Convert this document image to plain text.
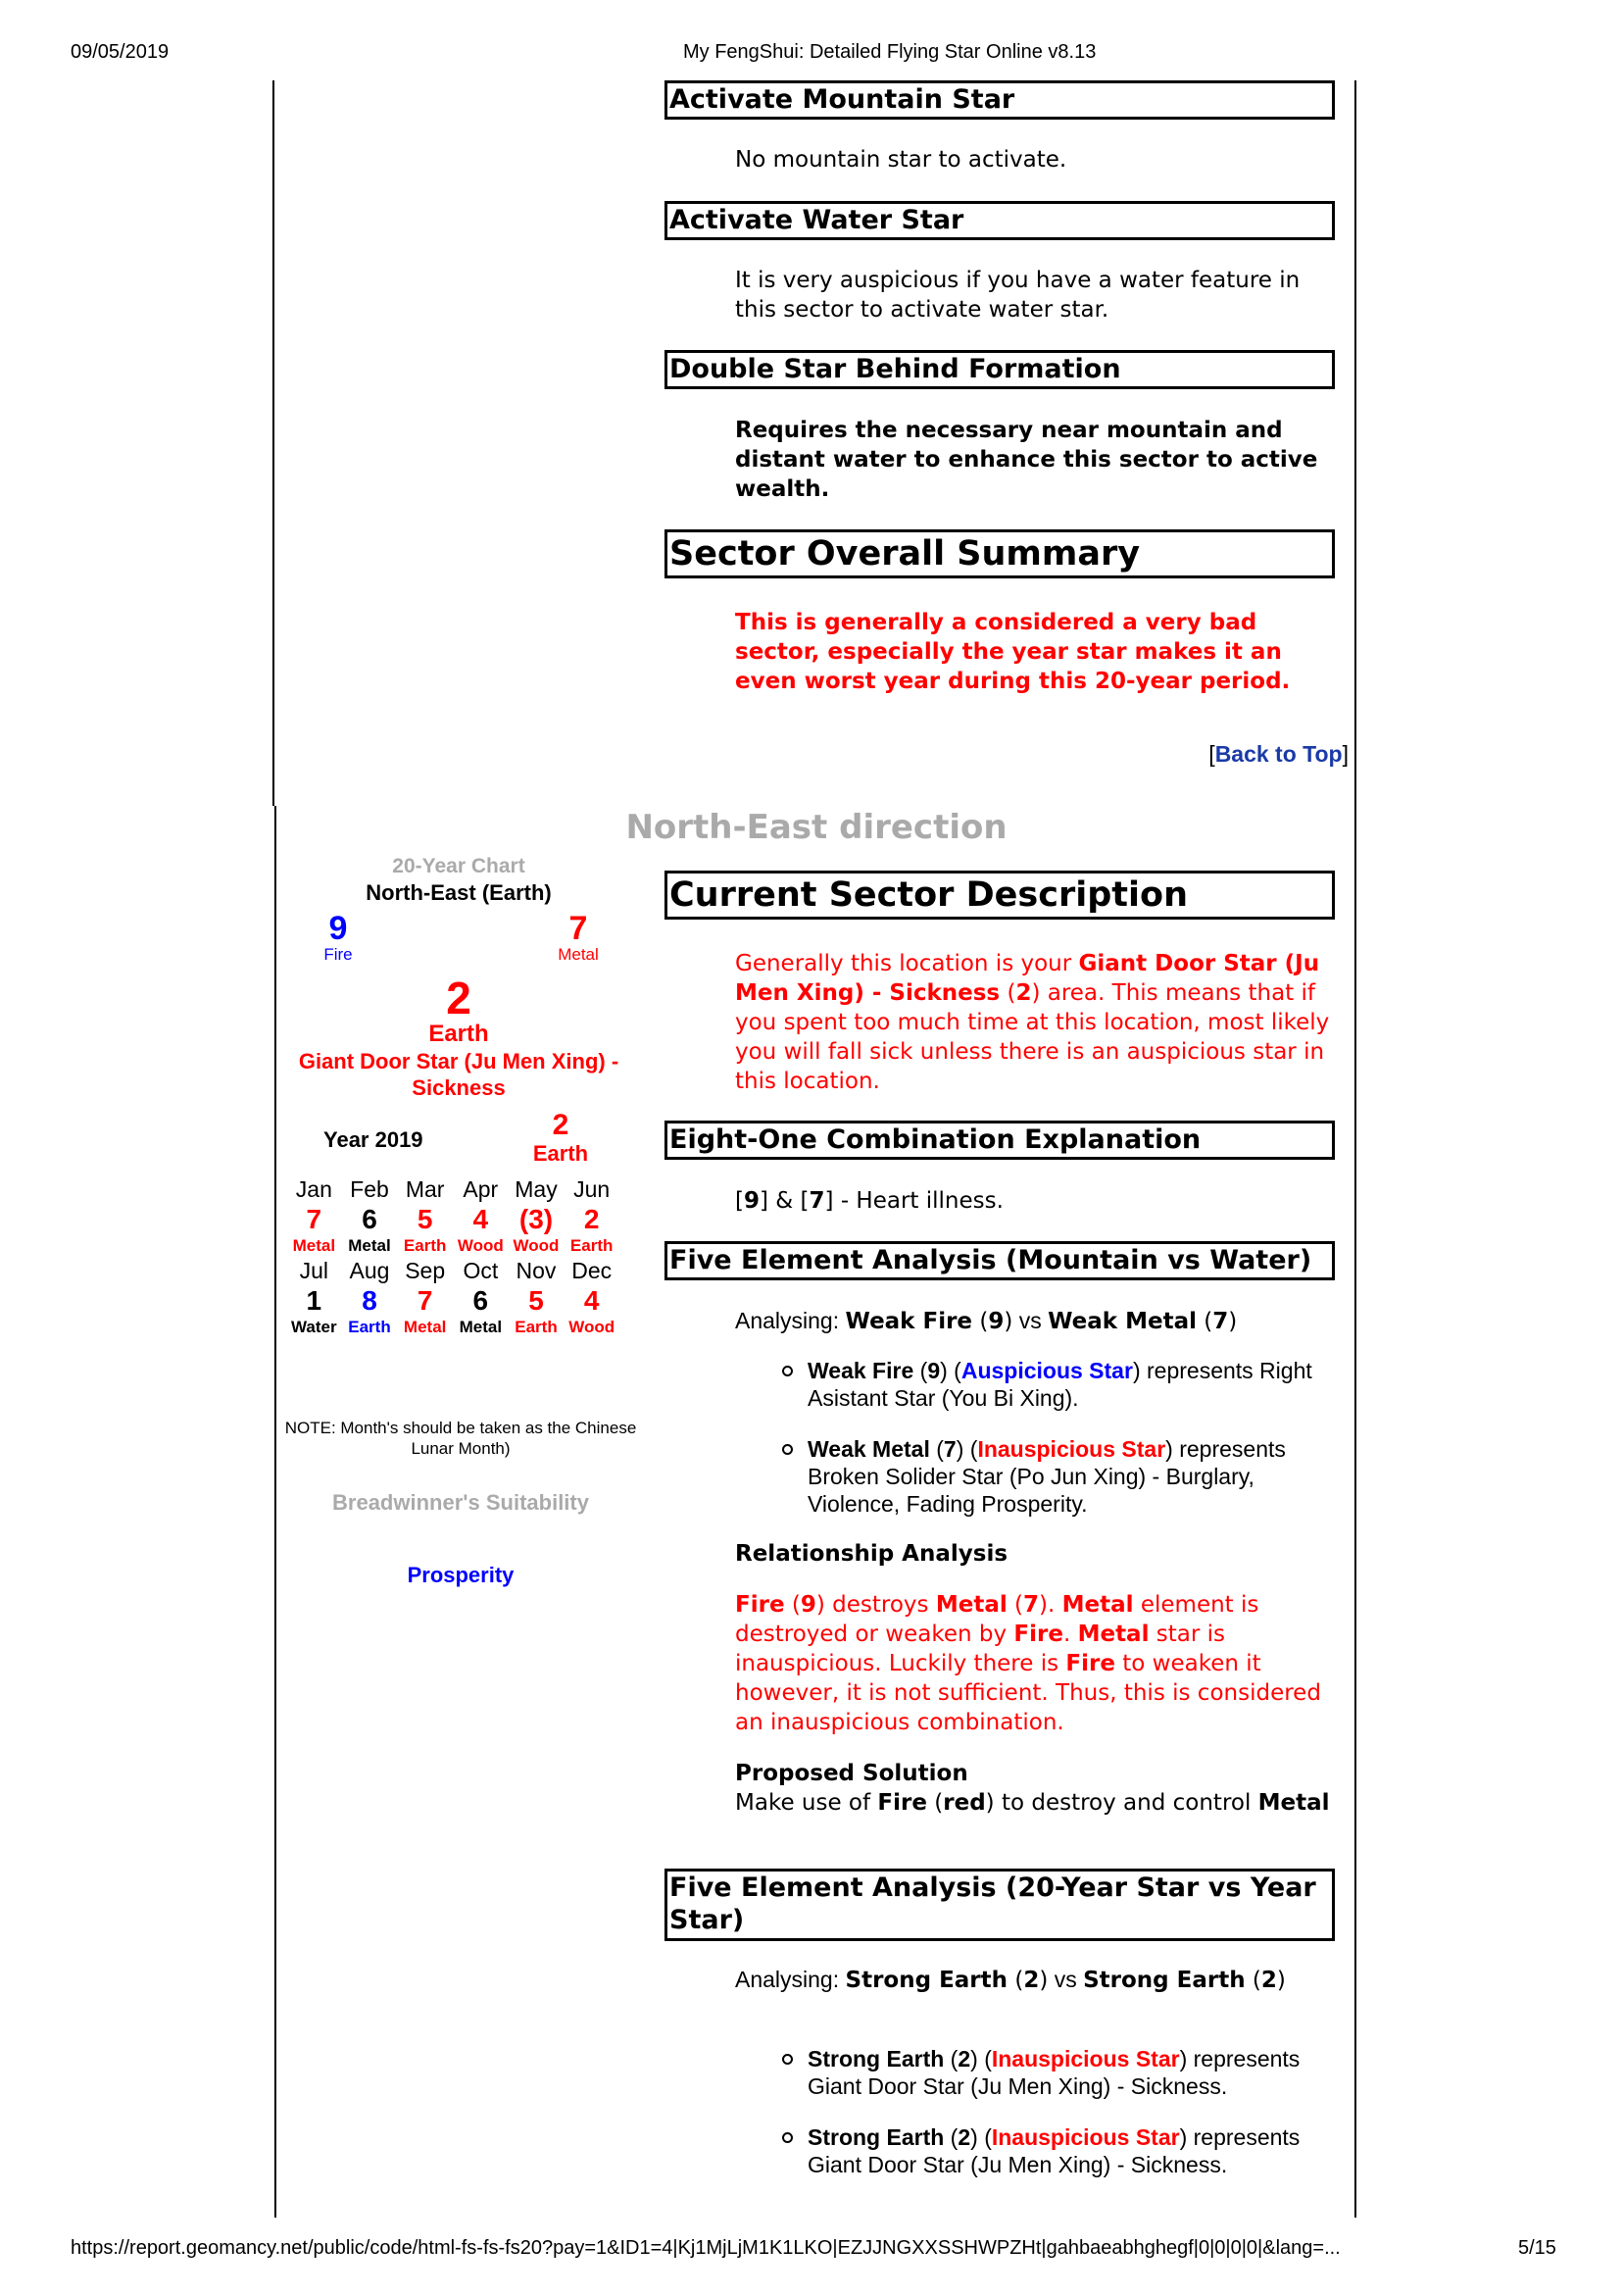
09/05/2019	My FengShui: Detailed Flying Star Online v8.13
https://report.geomancy.net/public/code/html-fs-fs-fs20?pay=1&ID1=4|Kj1MjLjM1K1LKO|EZJJNGXXSSHWPZHt|gahbaeabhghegf|0|0|0|0|&lang=...	5/15
Activate Mountain Star
No mountain star to activate.
Activate Water Star
It is very auspicious if you have a water feature in this sector to activate water star.
Double Star Behind Formation
Requires the necessary near mountain and distant water to enhance this sector to active wealth.
Sector Overall Summary
This is generally a considered a very bad sector, especially the year star makes it an even worst year during this 20-year period.
[Back to Top]
North-East direction
20-Year Chart
North-East (Earth)
9
Fire
7
Metal
2
Earth
Giant Door Star (Ju Men Xing) - Sickness
Year 2019	2
Earth
Jan Feb Mar Apr May Jun
7	6	5	4	(3)	2
Metal Metal Earth Wood Wood Earth
Jul Aug Sep Oct Nov Dec
1	8	7	6	5	4
Water Earth Metal Metal Earth Wood
NOTE: Month's should be taken as the Chinese Lunar Month)
Breadwinner's Suitability
Prosperity
Current Sector Description
Generally this location is your Giant Door Star (Ju Men Xing) - Sickness (2) area. This means that if you spent too much time at this location, most likely you will fall sick unless there is an auspicious star in this location.
Eight-One Combination Explanation
[9] & [7] - Heart illness.
Five Element Analysis (Mountain vs Water)
Analysing: Weak Fire (9) vs Weak Metal (7)
Weak Fire (9) (Auspicious Star) represents Right Asistant Star (You Bi Xing).
Weak Metal (7) (Inauspicious Star) represents Broken Solider Star (Po Jun Xing) - Burglary, Violence, Fading Prosperity.
Relationship Analysis
Fire (9) destroys Metal (7). Metal element is destroyed or weaken by Fire. Metal star is inauspicious. Luckily there is Fire to weaken it however, it is not sufficient. Thus, this is considered an inauspicious combination.
Proposed Solution
Make use of Fire (red) to destroy and control Metal
Five Element Analysis (20-Year Star vs Year Star)
Analysing: Strong Earth (2) vs Strong Earth (2)
Strong Earth (2) (Inauspicious Star) represents Giant Door Star (Ju Men Xing) - Sickness.
Strong Earth (2) (Inauspicious Star) represents Giant Door Star (Ju Men Xing) - Sickness.
